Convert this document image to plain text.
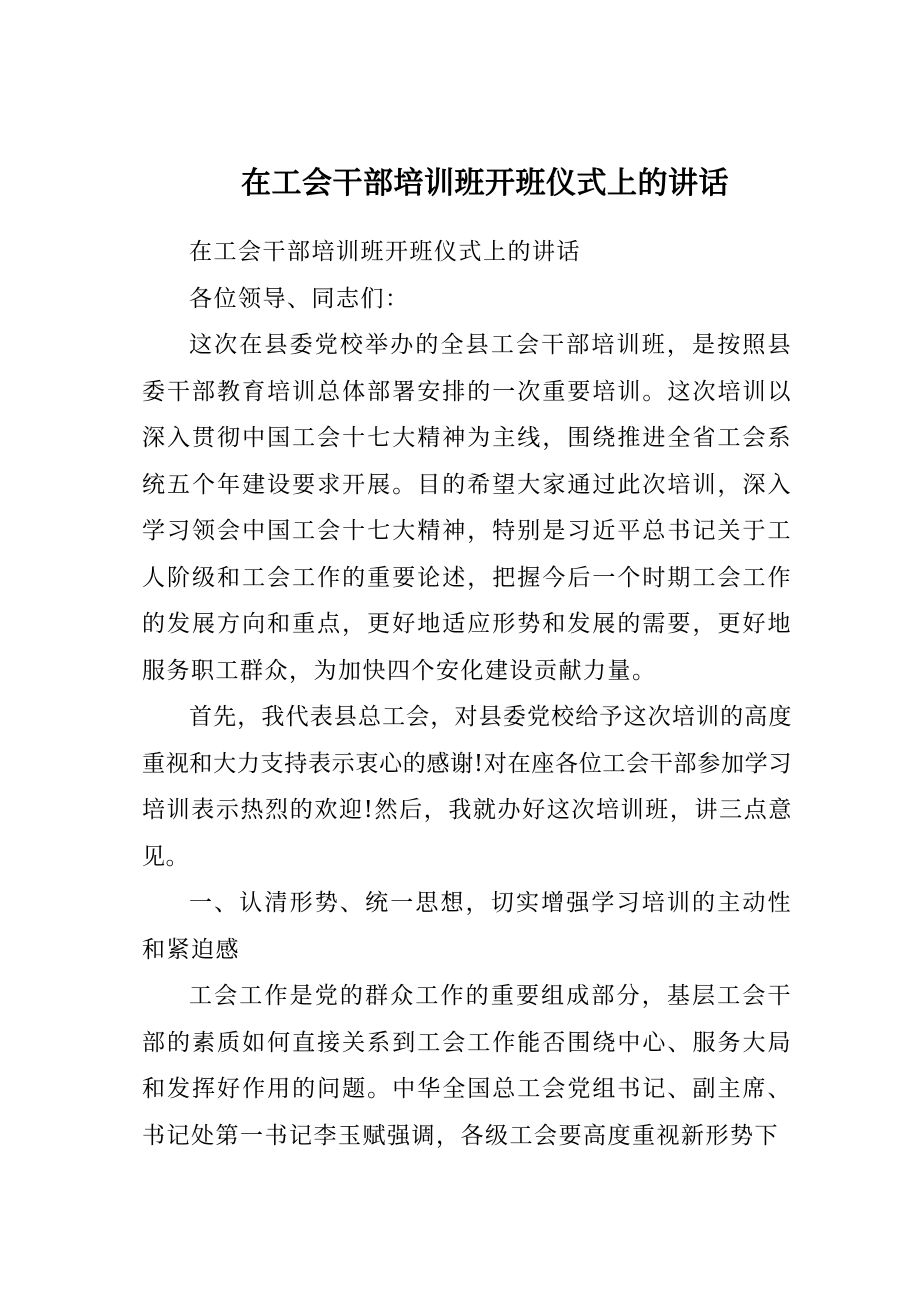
在工会干部培训班开班仪式上的讲话

在工会干部培训班开班仪式上的讲话

各位领导、同志们：

这次在县委党校举办的全县工会干部培训班，是按照县委干部教育培训总体部署安排的一次重要培训。这次培训以深入贯彻中国工会十七大精神为主线，围绕推进全省工会系统五个年建设要求开展。目的希望大家通过此次培训，深入学习领会中国工会十七大精神，特别是习近平总书记关于工人阶级和工会工作的重要论述，把握今后一个时期工会工作的发展方向和重点，更好地适应形势和发展的需要，更好地服务职工群众，为加快四个安化建设贡献力量。

首先，我代表县总工会，对县委党校给予这次培训的高度重视和大力支持表示衷心的感谢!对在座各位工会干部参加学习培训表示热烈的欢迎!然后，我就办好这次培训班，讲三点意见。

一、认清形势、统一思想，切实增强学习培训的主动性和紧迫感

工会工作是党的群众工作的重要组成部分，基层工会干部的素质如何直接关系到工会工作能否围绕中心、服务大局和发挥好作用的问题。中华全国总工会党组书记、副主席、书记处第一书记李玉赋强调，各级工会要高度重视新形势下
